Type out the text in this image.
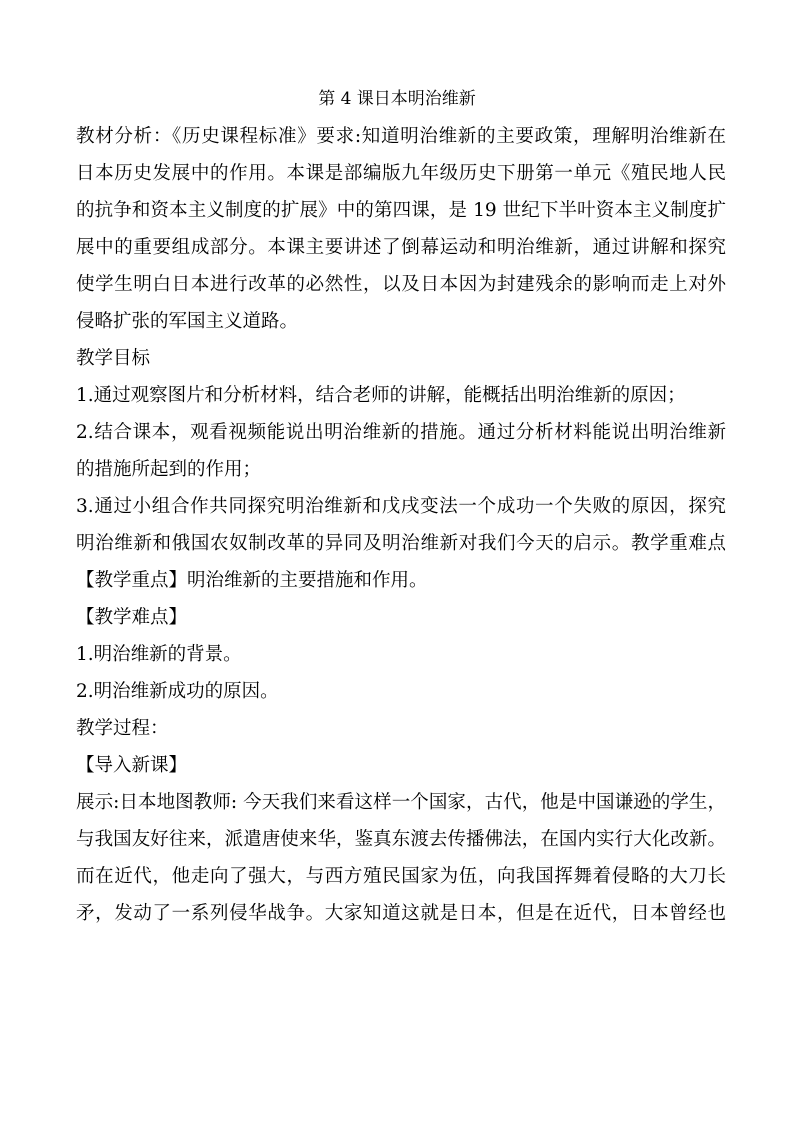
第 4 课日本明治维新
教材分析：《历史课程标准》要求:知道明治维新的主要政策，理解明治维新在
日本历史发展中的作用。本课是部编版九年级历史下册第一单元《殖民地人民
的抗争和资本主义制度的扩展》中的第四课，是 19 世纪下半叶资本主义制度扩
展中的重要组成部分。本课主要讲述了倒幕运动和明治维新，通过讲解和探究
使学生明白日本进行改革的必然性，以及日本因为封建残余的影响而走上对外
侵略扩张的军国主义道路。
教学目标
1.通过观察图片和分析材料，结合老师的讲解，能概括出明治维新的原因；
2.结合课本，观看视频能说出明治维新的措施。通过分析材料能说出明治维新
的措施所起到的作用；
3.通过小组合作共同探究明治维新和戊戌变法一个成功一个失败的原因，探究
明治维新和俄国农奴制改革的异同及明治维新对我们今天的启示。教学重难点
【教学重点】明治维新的主要措施和作用。
【教学难点】
1.明治维新的背景。
2.明治维新成功的原因。
教学过程：
【导入新课】
展示:日本地图教师: 今天我们来看这样一个国家，古代，他是中国谦逊的学生，
与我国友好往来，派遣唐使来华，鉴真东渡去传播佛法，在国内实行大化改新。
而在近代，他走向了强大，与西方殖民国家为伍，向我国挥舞着侵略的大刀长
矛，发动了一系列侵华战争。大家知道这就是日本，但是在近代，日本曾经也
